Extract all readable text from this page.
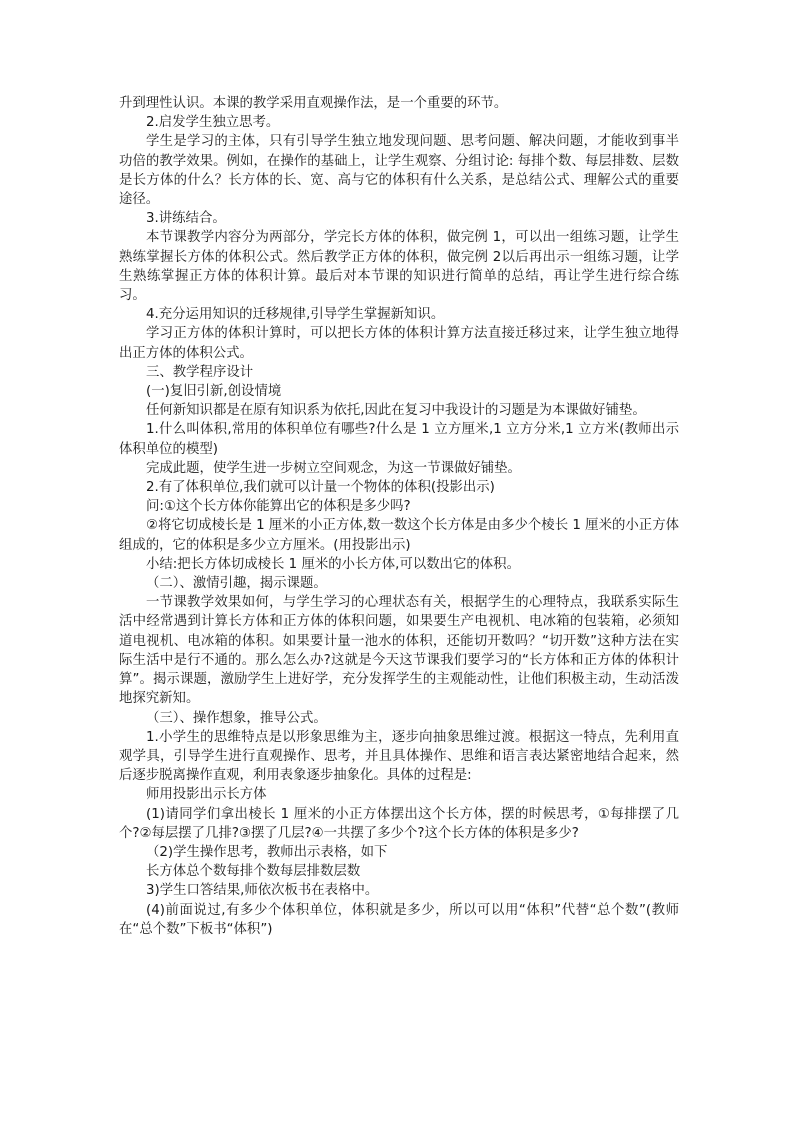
升到理性认识。本课的教学采用直观操作法，是一个重要的环节。

2.启发学生独立思考。

学生是学习的主体，只有引导学生独立地发现问题、思考问题、解决问题，才能收到事半功倍的教学效果。例如，在操作的基础上，让学生观察、分组讨论: 每排个数、每层排数、层数是长方体的什么？长方体的长、宽、高与它的体积有什么关系，是总结公式、理解公式的重要途径。

3.讲练结合。

本节课教学内容分为两部分，学完长方体的体积，做完例 1，可以出一组练习题，让学生熟练掌握长方体的体积公式。然后教学正方体的体积，做完例 2以后再出示一组练习题，让学生熟练掌握正方体的体积计算。最后对本节课的知识进行简单的总结，再让学生进行综合练习。

4.充分运用知识的迁移规律,引导学生掌握新知识。

学习正方体的体积计算时，可以把长方体的体积计算方法直接迁移过来，让学生独立地得出正方体的体积公式。

三、教学程序设计

(一)复旧引新,创设情境

任何新知识都是在原有知识系为依托,因此在复习中我设计的习题是为本课做好铺垫。

1.什么叫体积,常用的体积单位有哪些?什么是 1 立方厘米,1 立方分米,1 立方米(教师出示体积单位的模型)

完成此题，使学生进一步树立空间观念，为这一节课做好铺垫。

2.有了体积单位,我们就可以计量一个物体的体积(投影出示)

问:①这个长方体你能算出它的体积是多少吗?

②将它切成棱长是 1 厘米的小正方体,数一数这个长方体是由多少个棱长 1 厘米的小正方体组成的，它的体积是多少立方厘米。(用投影出示)

小结:把长方体切成棱长 1 厘米的小长方体,可以数出它的体积。

（二）、激情引趣，揭示课题。

一节课教学效果如何，与学生学习的心理状态有关，根据学生的心理特点，我联系实际生活中经常遇到计算长方体和正方体的体积问题，如果要生产电视机、电冰箱的包装箱，必须知道电视机、电冰箱的体积。如果要计量一池水的体积，还能切开数吗？“切开数”这种方法在实际生活中是行不通的。那么怎么办?这就是今天这节课我们要学习的“长方体和正方体的体积计算”。揭示课题，激励学生上进好学，充分发挥学生的主观能动性，让他们积极主动，生动活泼地探究新知。

（三）、操作想象，推导公式。

1.小学生的思维特点是以形象思维为主，逐步向抽象思维过渡。根据这一特点，先利用直观学具，引导学生进行直观操作、思考，并且具体操作、思维和语言表达紧密地结合起来，然后逐步脱离操作直观，利用表象逐步抽象化。具体的过程是:

师用投影出示长方体

(1)请同学们拿出棱长 1 厘米的小正方体摆出这个长方体，摆的时候思考，①每排摆了几个?②每层摆了几排?③摆了几层?④一共摆了多少个?这个长方体的体积是多少?

（2)学生操作思考，教师出示表格，如下

长方体总个数每排个数每层排数层数

3)学生口答结果,师依次板书在表格中。

(4)前面说过,有多少个体积单位，体积就是多少，所以可以用“体积”代替“总个数”(教师在“总个数”下板书“体积”)
